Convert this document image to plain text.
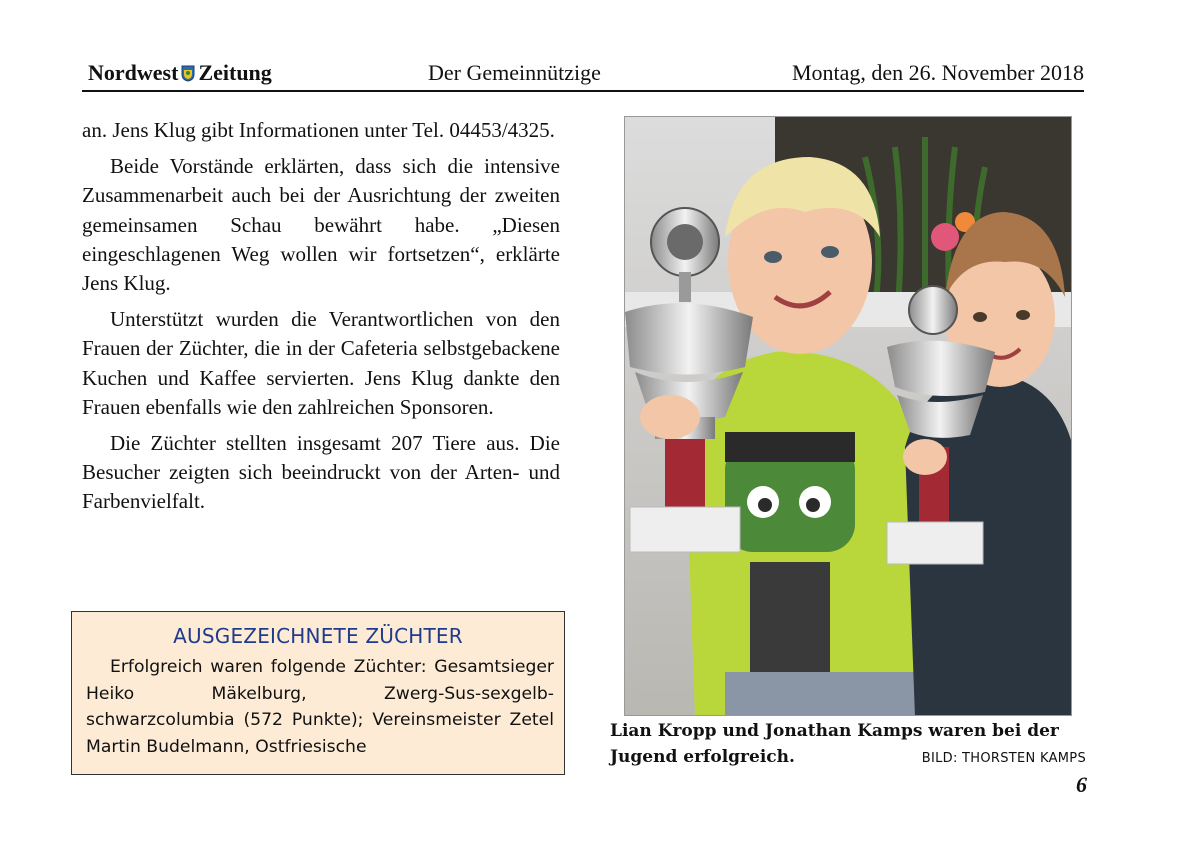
Nordwest Zeitung	Der Gemeinnützige	Montag, den 26. November 2018

an. Jens Klug gibt Informationen unter Tel. 04453/4325.

Beide Vorstände erklärten, dass sich die intensive Zusammenarbeit auch bei der Ausrichtung der zweiten gemeinsamen Schau bewährt habe. „Diesen eingeschlagenen Weg wollen wir fortsetzen“, erklärte Jens Klug.

Unterstützt wurden die Verantwortlichen von den Frauen der Züchter, die in der Cafeteria selbstgebackene Kuchen und Kaffee servierten. Jens Klug dankte den Frauen ebenfalls wie den zahlreichen Sponsoren.

Die Züchter stellten insgesamt 207 Tiere aus. Die Besucher zeigten sich beeindruckt von der Arten- und Farbenvielfalt.

AUSGEZEICHNETE ZÜCHTER
Erfolgreich waren folgende Züchter: Gesamtsieger Heiko Mäkelburg, Zwerg-Sus-sexgelb-schwarzcolumbia (572 Punkte); Vereinsmeister Zetel Martin Budelmann, Ostfriesische
Lian Kropp und Jonathan Kamps waren bei der Jugend erfolgreich.	BILD: THORSTEN KAMPS
6
